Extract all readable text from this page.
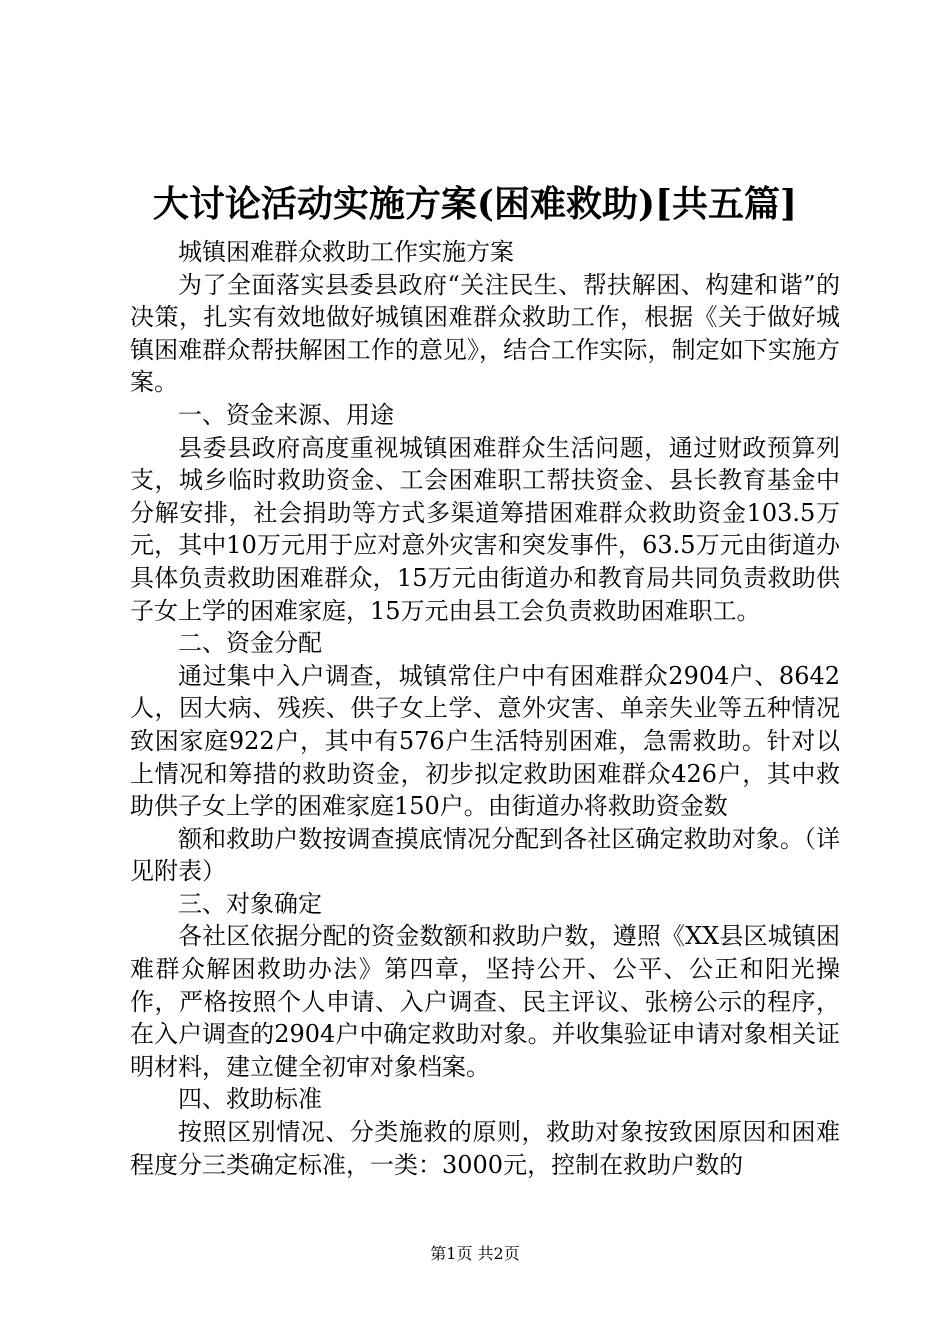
大讨论活动实施方案(困难救助)[共五篇]

城镇困难群众救助工作实施方案

为了全面落实县委县政府“关注民生、帮扶解困、构建和谐”的决策，扎实有效地做好城镇困难群众救助工作，根据《关于做好城镇困难群众帮扶解困工作的意见》，结合工作实际，制定如下实施方案。

一、资金来源、用途

县委县政府高度重视城镇困难群众生活问题，通过财政预算列支，城乡临时救助资金、工会困难职工帮扶资金、县长教育基金中分解安排，社会捐助等方式多渠道筹措困难群众救助资金103.5万元，其中10万元用于应对意外灾害和突发事件，63.5万元由街道办具体负责救助困难群众，15万元由街道办和教育局共同负责救助供子女上学的困难家庭，15万元由县工会负责救助困难职工。

二、资金分配

通过集中入户调查，城镇常住户中有困难群众2904户、8642人，因大病、残疾、供子女上学、意外灾害、单亲失业等五种情况致困家庭922户，其中有576户生活特别困难，急需救助。针对以上情况和筹措的救助资金，初步拟定救助困难群众426户，其中救助供子女上学的困难家庭150户。由街道办将救助资金数

额和救助户数按调查摸底情况分配到各社区确定救助对象。（详见附表）

三、对象确定

各社区依据分配的资金数额和救助户数，遵照《XX县区城镇困难群众解困救助办法》第四章，坚持公开、公平、公正和阳光操作，严格按照个人申请、入户调查、民主评议、张榜公示的程序，在入户调查的2904户中确定救助对象。并收集验证申请对象相关证明材料，建立健全初审对象档案。

四、救助标准

按照区别情况、分类施救的原则，救助对象按致困原因和困难程度分三类确定标准，一类：3000元，控制在救助户数的

第1页 共2页
